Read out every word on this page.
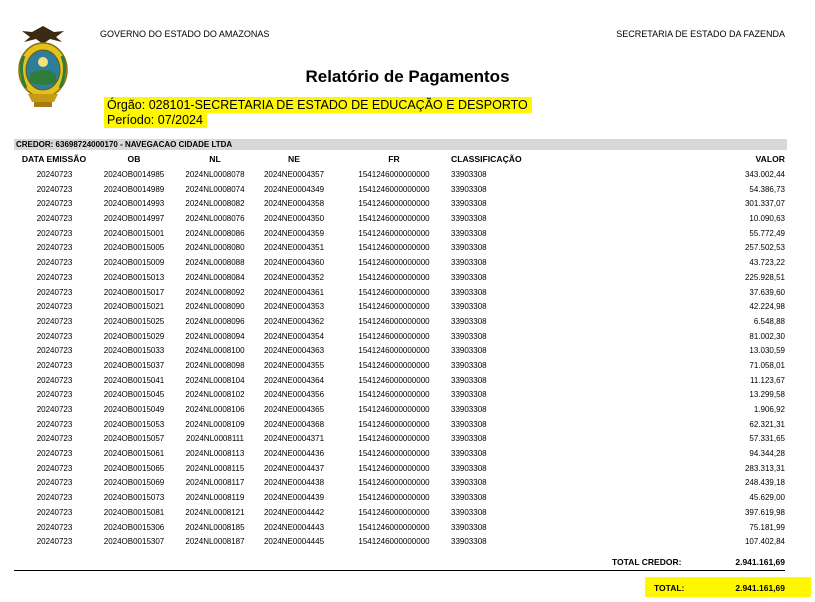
GOVERNO DO ESTADO DO AMAZONAS	SECRETARIA DE ESTADO DA FAZENDA
Relatório de Pagamentos
Órgão: 028101-SECRETARIA DE ESTADO DE EDUCAÇÃO E DESPORTO
Período: 07/2024
CREDOR: 63698724000170 - NAVEGACAO CIDADE LTDA
DATA EMISSÃO	OB	NL	NE	FR	CLASSIFICAÇÃO	VALOR
20240723	2024OB0014985	2024NL0008078	2024NE0004357	1541246000000000	33903308	343.002,44
20240723	2024OB0014989	2024NL0008074	2024NE0004349	1541246000000000	33903308	54.386,73
20240723	2024OB0014993	2024NL0008082	2024NE0004358	1541246000000000	33903308	301.337,07
20240723	2024OB0014997	2024NL0008076	2024NE0004350	1541246000000000	33903308	10.090,63
20240723	2024OB0015001	2024NL0008086	2024NE0004359	1541246000000000	33903308	55.772,49
20240723	2024OB0015005	2024NL0008080	2024NE0004351	1541246000000000	33903308	257.502,53
20240723	2024OB0015009	2024NL0008088	2024NE0004360	1541246000000000	33903308	43.723,22
20240723	2024OB0015013	2024NL0008084	2024NE0004352	1541246000000000	33903308	225.928,51
20240723	2024OB0015017	2024NL0008092	2024NE0004361	1541246000000000	33903308	37.639,60
20240723	2024OB0015021	2024NL0008090	2024NE0004353	1541246000000000	33903308	42.224,98
20240723	2024OB0015025	2024NL0008096	2024NE0004362	1541246000000000	33903308	6.548,88
20240723	2024OB0015029	2024NL0008094	2024NE0004354	1541246000000000	33903308	81.002,30
20240723	2024OB0015033	2024NL0008100	2024NE0004363	1541246000000000	33903308	13.030,59
20240723	2024OB0015037	2024NL0008098	2024NE0004355	1541246000000000	33903308	71.058,01
20240723	2024OB0015041	2024NL0008104	2024NE0004364	1541246000000000	33903308	11.123,67
20240723	2024OB0015045	2024NL0008102	2024NE0004356	1541246000000000	33903308	13.299,58
20240723	2024OB0015049	2024NL0008106	2024NE0004365	1541246000000000	33903308	1.906,92
20240723	2024OB0015053	2024NL0008109	2024NE0004368	1541246000000000	33903308	62.321,31
20240723	2024OB0015057	2024NL0008111	2024NE0004371	1541246000000000	33903308	57.331,65
20240723	2024OB0015061	2024NL0008113	2024NE0004436	1541246000000000	33903308	94.344,28
20240723	2024OB0015065	2024NL0008115	2024NE0004437	1541246000000000	33903308	283.313,31
20240723	2024OB0015069	2024NL0008117	2024NE0004438	1541246000000000	33903308	248.439,18
20240723	2024OB0015073	2024NL0008119	2024NE0004439	1541246000000000	33903308	45.629,00
20240723	2024OB0015081	2024NL0008121	2024NE0004442	1541246000000000	33903308	397.619,98
20240723	2024OB0015306	2024NL0008185	2024NE0004443	1541246000000000	33903308	75.181,99
20240723	2024OB0015307	2024NL0008187	2024NE0004445	1541246000000000	33903308	107.402,84
TOTAL CREDOR:	2.941.161,69
TOTAL:	2.941.161,69
